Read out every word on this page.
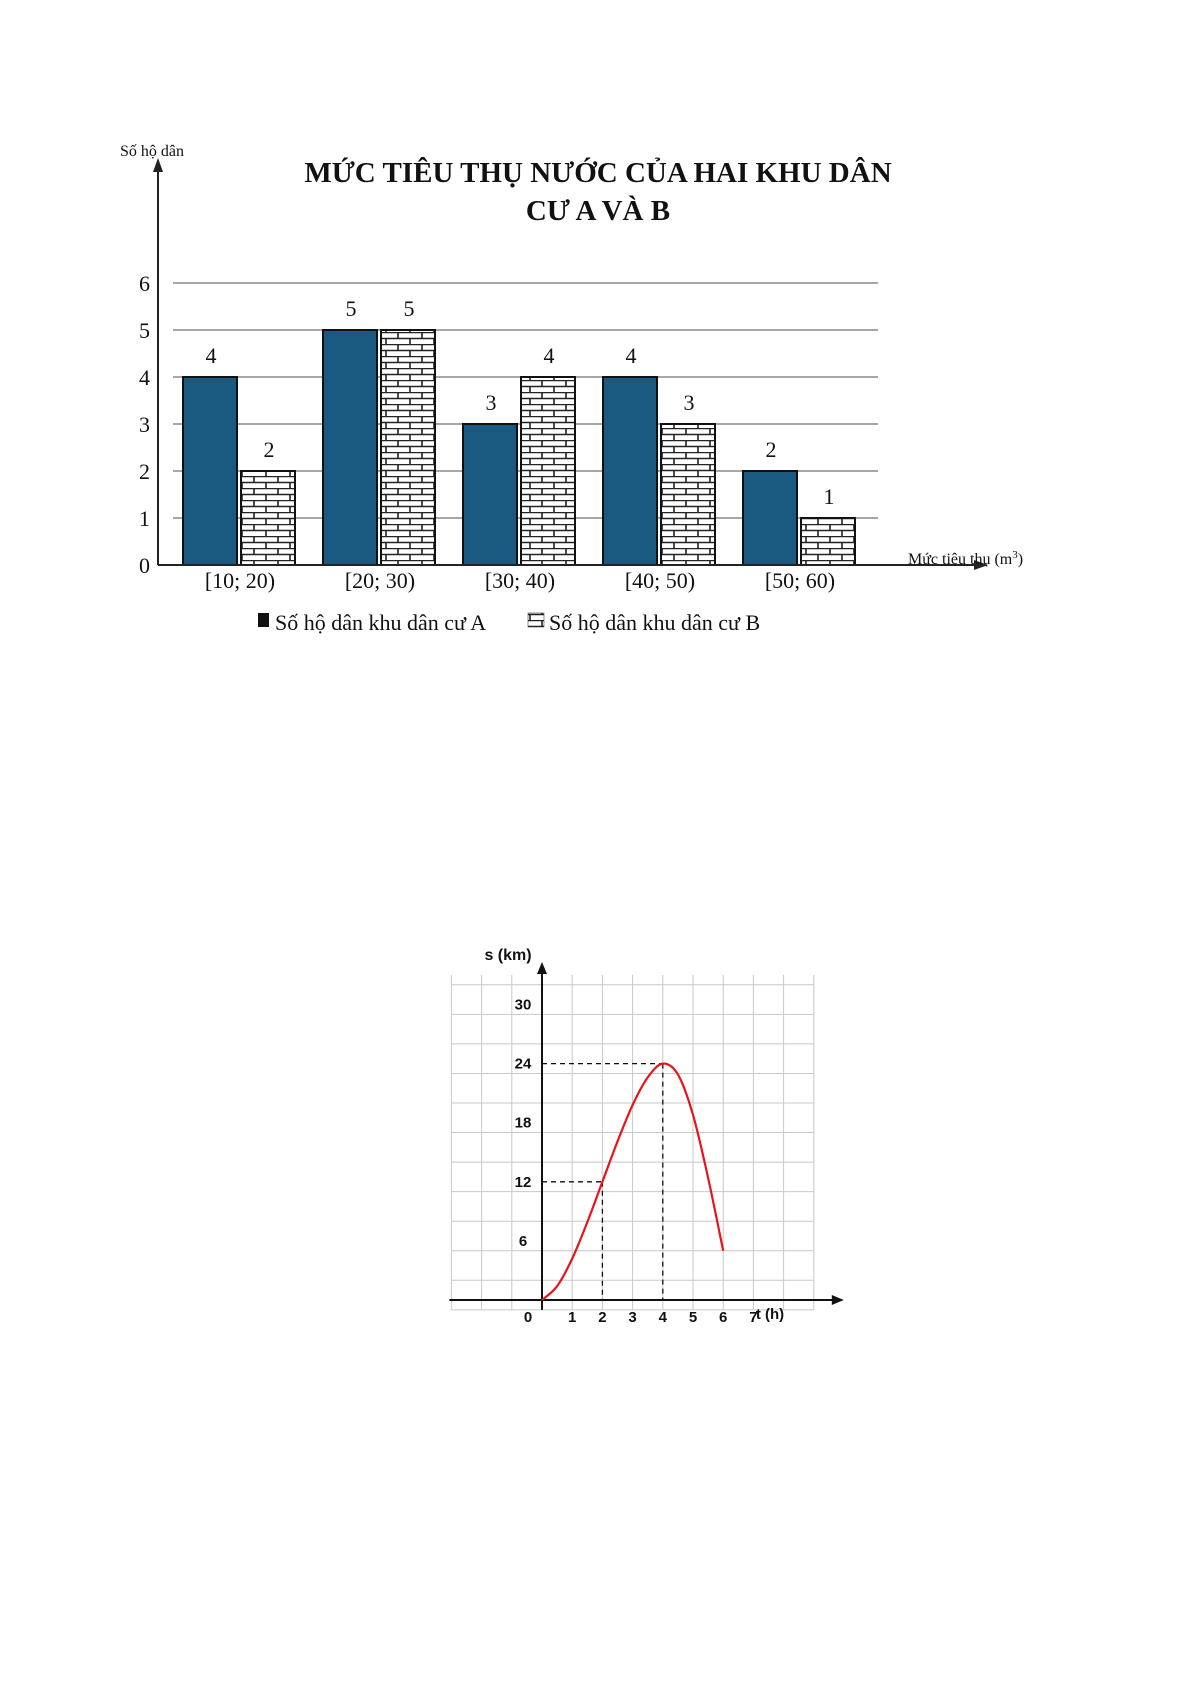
4
2
5 5
3
4	4
3
2
1
Số hộ dân
MỨC TIÊU THỤ NƯỚC CỦA HAI KHU DÂN
CƯ A VÀ B
Mức tiêu thụ $(m^3)$
0
1
2
3
4
5
6
[10; 20)	[20; 30)	[30; 40)	[40; 50)	[50; 60)
Số hộ dân khu dân cư A	Số hộ dân khu dân cư B
0 1 2 3 4 5 6 7
6
12
18
24
30
s (km)
t (h)
